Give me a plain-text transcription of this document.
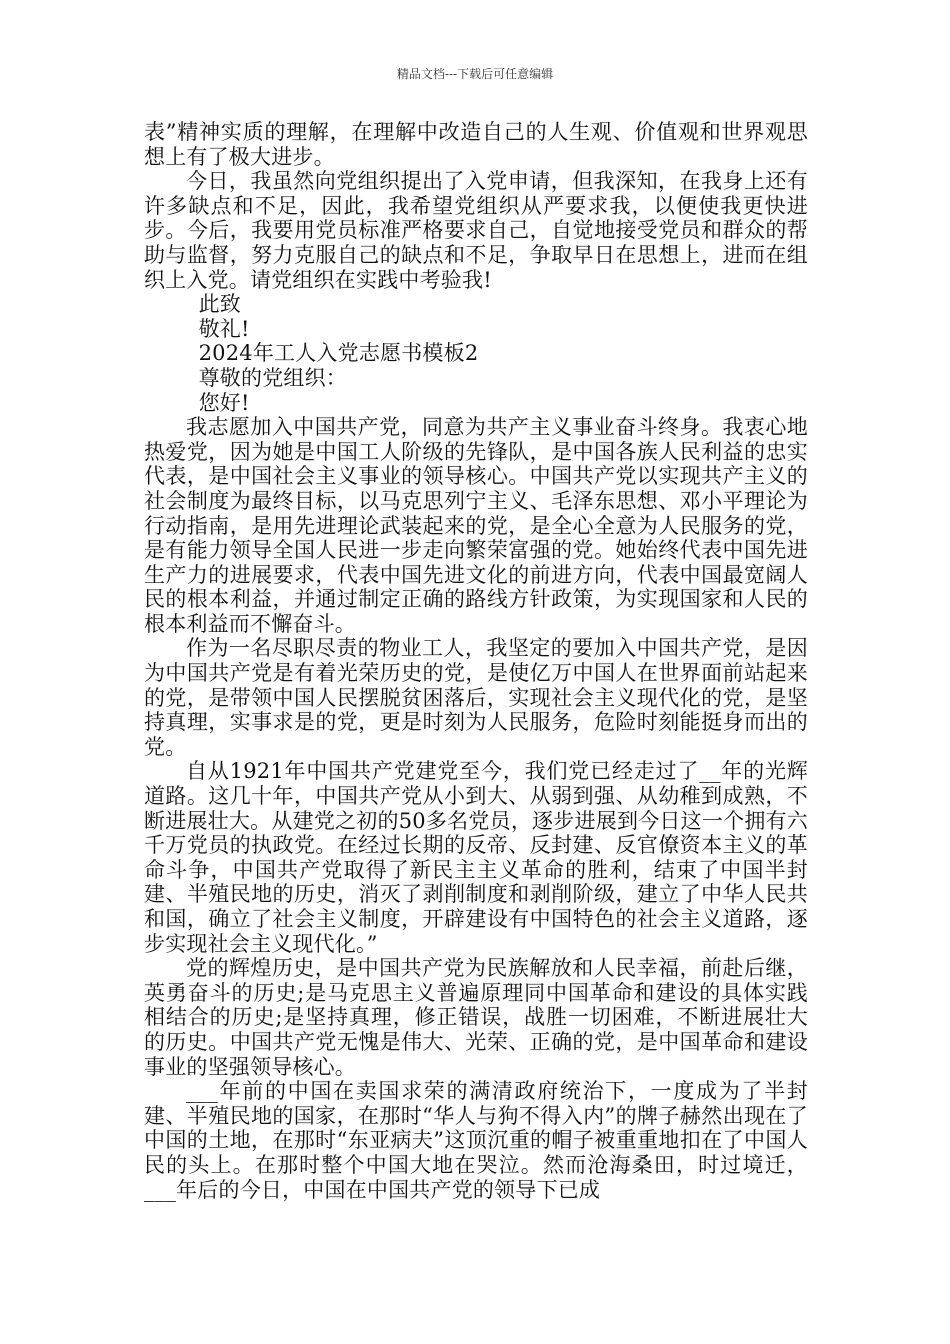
精品文档---下载后可任意编辑

表”精神实质的理解，在理解中改造自己的人生观、价值观和世界观思想上有了极大进步。

今日，我虽然向党组织提出了入党申请，但我深知，在我身上还有许多缺点和不足，因此，我希望党组织从严要求我，以便使我更快进步。今后，我要用党员标准严格要求自己，自觉地接受党员和群众的帮助与监督，努力克服自己的缺点和不足，争取早日在思想上，进而在组织上入党。请党组织在实践中考验我!

此致

敬礼!

2024年工人入党志愿书模板2

尊敬的党组织：

您好!

我志愿加入中国共产党，同意为共产主义事业奋斗终身。我衷心地热爱党，因为她是中国工人阶级的先锋队，是中国各族人民利益的忠实代表，是中国社会主义事业的领导核心。中国共产党以实现共产主义的社会制度为最终目标，以马克思列宁主义、毛泽东思想、邓小平理论为行动指南，是用先进理论武装起来的党，是全心全意为人民服务的党，是有能力领导全国人民进一步走向繁荣富强的党。她始终代表中国先进生产力的进展要求，代表中国先进文化的前进方向，代表中国最宽阔人民的根本利益，并通过制定正确的路线方针政策，为实现国家和人民的根本利益而不懈奋斗。

作为一名尽职尽责的物业工人，我坚定的要加入中国共产党，是因为中国共产党是有着光荣历史的党，是使亿万中国人在世界面前站起来的党，是带领中国人民摆脱贫困落后，实现社会主义现代化的党，是坚持真理，实事求是的党，更是时刻为人民服务，危险时刻能挺身而出的党。

自从1921年中国共产党建党至今，我们党已经走过了__年的光辉道路。这几十年，中国共产党从小到大、从弱到强、从幼稚到成熟，不断进展壮大。从建党之初的50多名党员，逐步进展到今日这一个拥有六千万党员的执政党。在经过长期的反帝、反封建、反官僚资本主义的革命斗争，中国共产党取得了新民主主义革命的胜利，结束了中国半封建、半殖民地的历史，消灭了剥削制度和剥削阶级，建立了中华人民共和国，确立了社会主义制度，开辟建设有中国特色的社会主义道路，逐步实现社会主义现代化。”

党的辉煌历史，是中国共产党为民族解放和人民幸福，前赴后继，英勇奋斗的历史;是马克思主义普遍原理同中国革命和建设的具体实践相结合的历史;是坚持真理，修正错误，战胜一切困难，不断进展壮大的历史。中国共产党无愧是伟大、光荣、正确的党，是中国革命和建设事业的坚强领导核心。

___年前的中国在卖国求荣的满清政府统治下，一度成为了半封建、半殖民地的国家，在那时“华人与狗不得入内”的牌子赫然出现在了中国的土地，在那时“东亚病夫”这顶沉重的帽子被重重地扣在了中国人民的头上。在那时整个中国大地在哭泣。然而沧海桑田，时过境迁，___年后的今日，中国在中国共产党的领导下已成
